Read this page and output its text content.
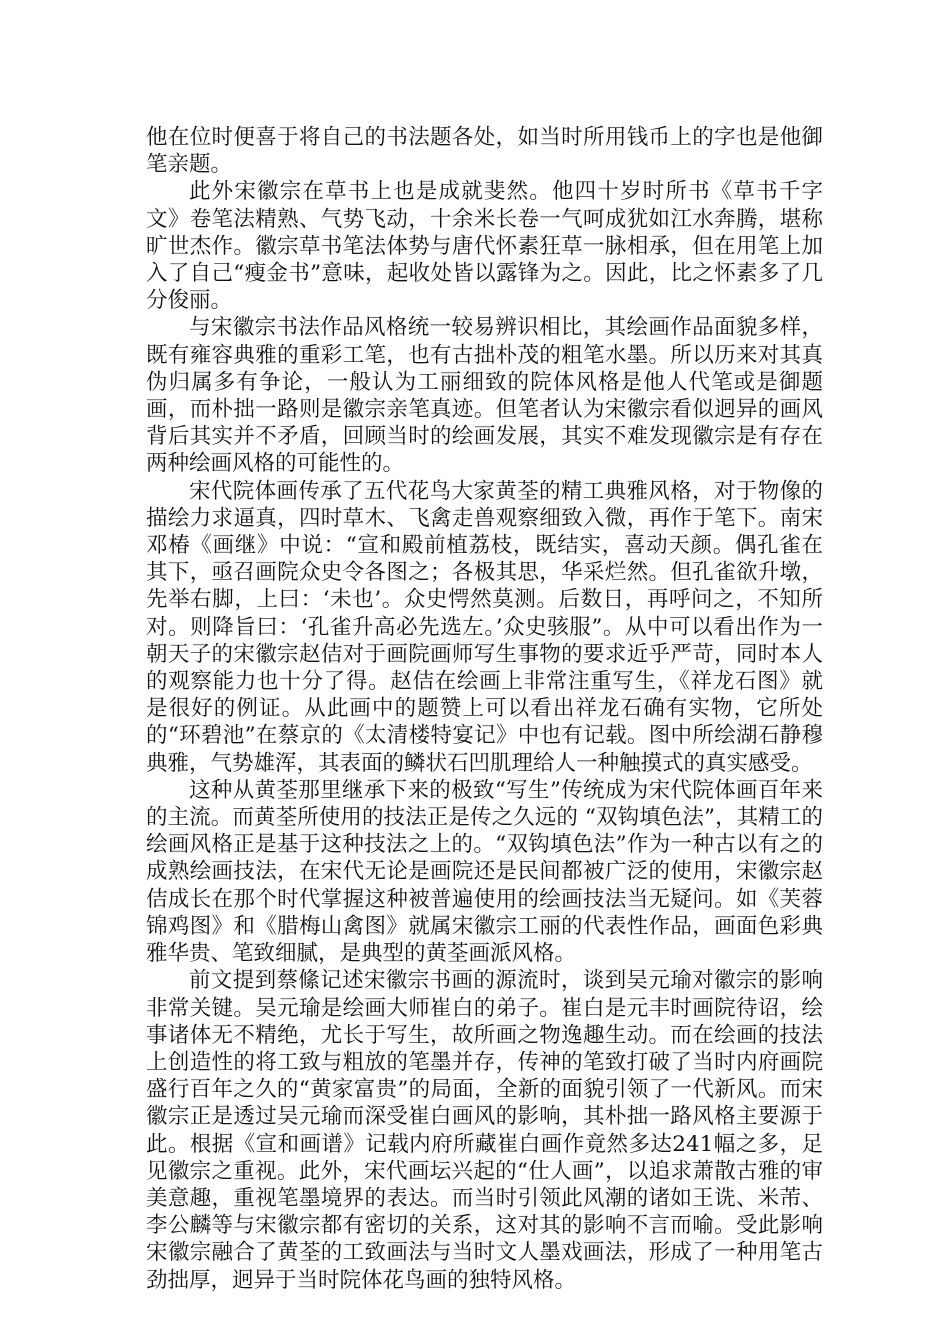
他在位时便喜于将自己的书法题各处，如当时所用钱币上的字也是他御笔亲题。

此外宋徽宗在草书上也是成就斐然。他四十岁时所书《草书千字文》卷笔法精熟、气势飞动，十余米长卷一气呵成犹如江水奔腾，堪称旷世杰作。徽宗草书笔法体势与唐代怀素狂草一脉相承，但在用笔上加入了自己“瘦金书”意味，起收处皆以露锋为之。因此，比之怀素多了几分俊丽。

与宋徽宗书法作品风格统一较易辨识相比，其绘画作品面貌多样，既有雍容典雅的重彩工笔，也有古拙朴茂的粗笔水墨。所以历来对其真伪归属多有争论，一般认为工丽细致的院体风格是他人代笔或是御题画，而朴拙一路则是徽宗亲笔真迹。但笔者认为宋徽宗看似迥异的画风背后其实并不矛盾，回顾当时的绘画发展，其实不难发现徽宗是有存在两种绘画风格的可能性的。

宋代院体画传承了五代花鸟大家黄荃的精工典雅风格，对于物像的描绘力求逼真，四时草木、飞禽走兽观察细致入微，再作于笔下。南宋邓椿《画继》中说：“宣和殿前植荔枝，既结实，喜动天颜。偶孔雀在其下，亟召画院众史令各图之；各极其思，华采烂然。但孔雀欲升墩，先举右脚，上曰：‘未也’。众史愕然莫测。后数日，再呼问之，不知所对。则降旨曰：‘孔雀升高必先选左。’众史骇服”。从中可以看出作为一朝天子的宋徽宗赵佶对于画院画师写生事物的要求近乎严苛，同时本人的观察能力也十分了得。赵佶在绘画上非常注重写生，《祥龙石图》就是很好的例证。从此画中的题赞上可以看出祥龙石确有实物，它所处的“环碧池”在蔡京的《太清楼特宴记》中也有记载。图中所绘湖石静穆典雅，气势雄浑，其表面的鳞状石凹肌理给人一种触摸式的真实感受。

这种从黄荃那里继承下来的极致“写生”传统成为宋代院体画百年来的主流。而黄荃所使用的技法正是传之久远的 “双钩填色法”，其精工的绘画风格正是基于这种技法之上的。“双钩填色法”作为一种古以有之的成熟绘画技法，在宋代无论是画院还是民间都被广泛的使用，宋徽宗赵佶成长在那个时代掌握这种被普遍使用的绘画技法当无疑问。如《芙蓉锦鸡图》和《腊梅山禽图》就属宋徽宗工丽的代表性作品，画面色彩典雅华贵、笔致细腻，是典型的黄荃画派风格。

前文提到蔡絛记述宋徽宗书画的源流时，谈到吴元瑜对徽宗的影响非常关键。吴元瑜是绘画大师崔白的弟子。崔白是元丰时画院待诏，绘事诸体无不精绝，尤长于写生，故所画之物逸趣生动。而在绘画的技法上创造性的将工致与粗放的笔墨并存，传神的笔致打破了当时内府画院盛行百年之久的“黄家富贵”的局面，全新的面貌引领了一代新风。而宋徽宗正是透过吴元瑜而深受崔白画风的影响，其朴拙一路风格主要源于此。根据《宣和画谱》记载内府所藏崔白画作竟然多达241幅之多，足见徽宗之重视。此外，宋代画坛兴起的“仕人画”，以追求萧散古雅的审美意趣，重视笔墨境界的表达。而当时引领此风潮的诸如王诜、米芾、李公麟等与宋徽宗都有密切的关系，这对其的影响不言而喻。受此影响宋徽宗融合了黄荃的工致画法与当时文人墨戏画法，形成了一种用笔古劲拙厚，迥异于当时院体花鸟画的独特风格。
